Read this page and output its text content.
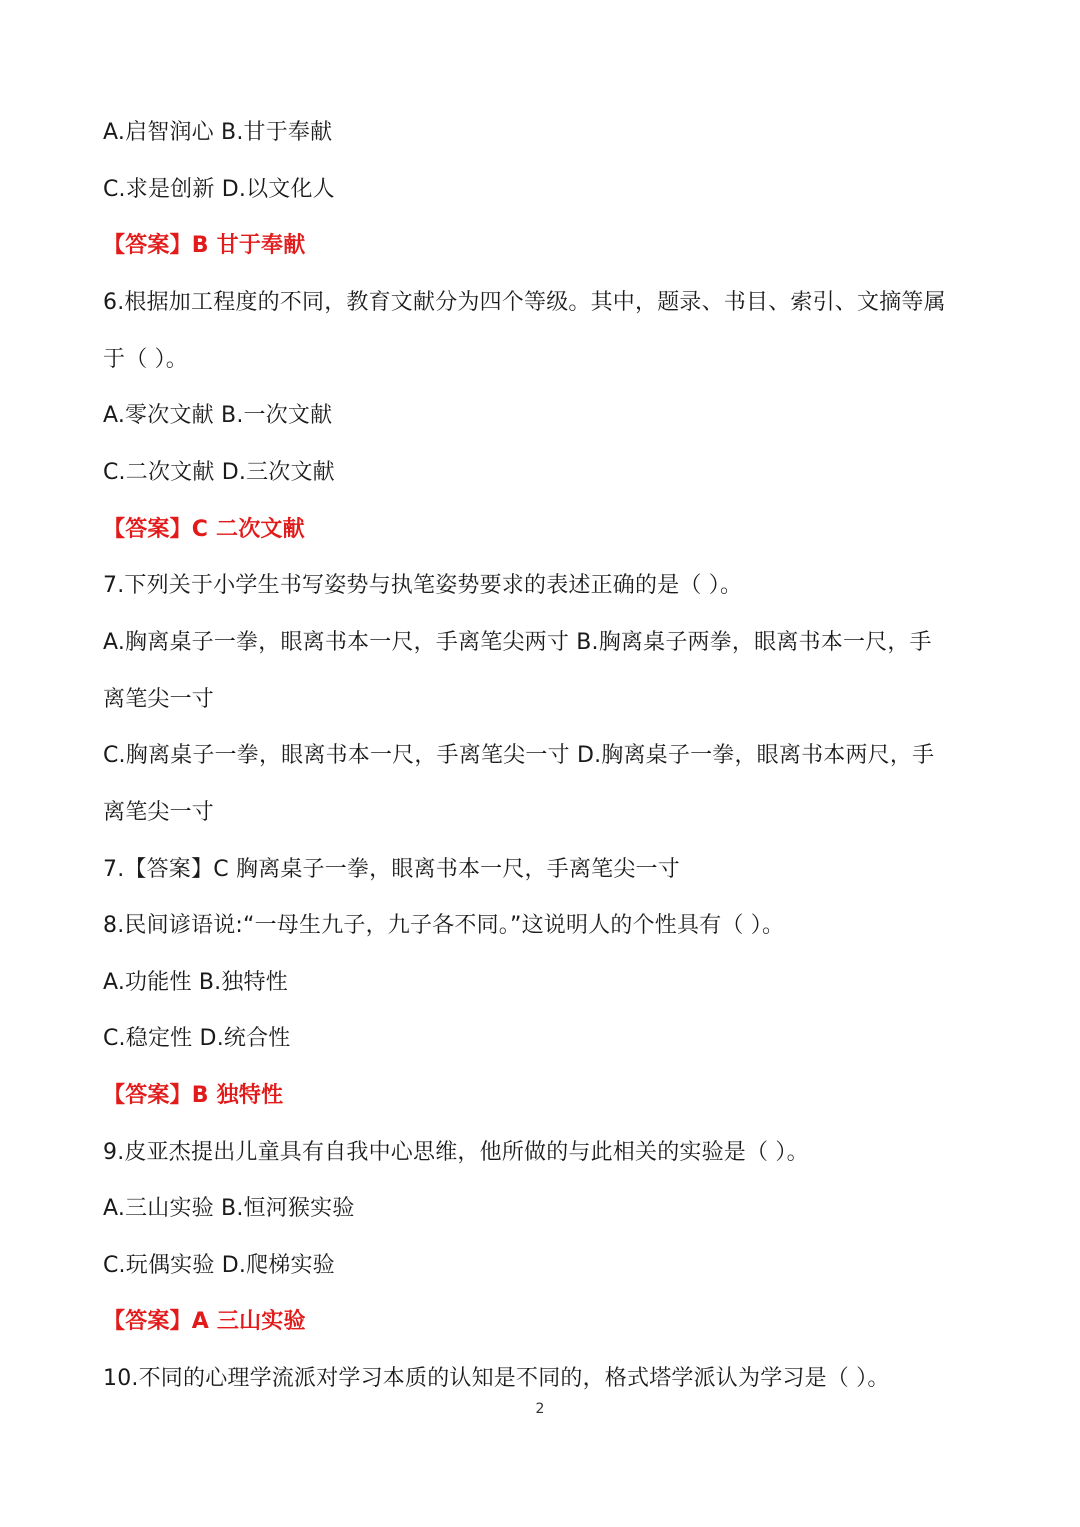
A.启智润心 B.甘于奉献
C.求是创新 D.以文化人
【答案】B 甘于奉献
6.根据加工程度的不同，教育文献分为四个等级。其中，题录、书目、索引、文摘等属
于（ ）。
A.零次文献 B.一次文献
C.二次文献 D.三次文献
【答案】C 二次文献
7.下列关于小学生书写姿势与执笔姿势要求的表述正确的是（ ）。
A.胸离桌子一拳，眼离书本一尺，手离笔尖两寸 B.胸离桌子两拳，眼离书本一尺，手
离笔尖一寸
C.胸离桌子一拳，眼离书本一尺，手离笔尖一寸 D.胸离桌子一拳，眼离书本两尺，手
离笔尖一寸
7.【答案】C 胸离桌子一拳，眼离书本一尺，手离笔尖一寸
8.民间谚语说:“一母生九子，九子各不同。”这说明人的个性具有（ ）。
A.功能性 B.独特性
C.稳定性 D.统合性
【答案】B 独特性
9.皮亚杰提出儿童具有自我中心思维，他所做的与此相关的实验是（ ）。
A.三山实验 B.恒河猴实验
C.玩偶实验 D.爬梯实验
【答案】A 三山实验
10.不同的心理学流派对学习本质的认知是不同的，格式塔学派认为学习是（ ）。
2
